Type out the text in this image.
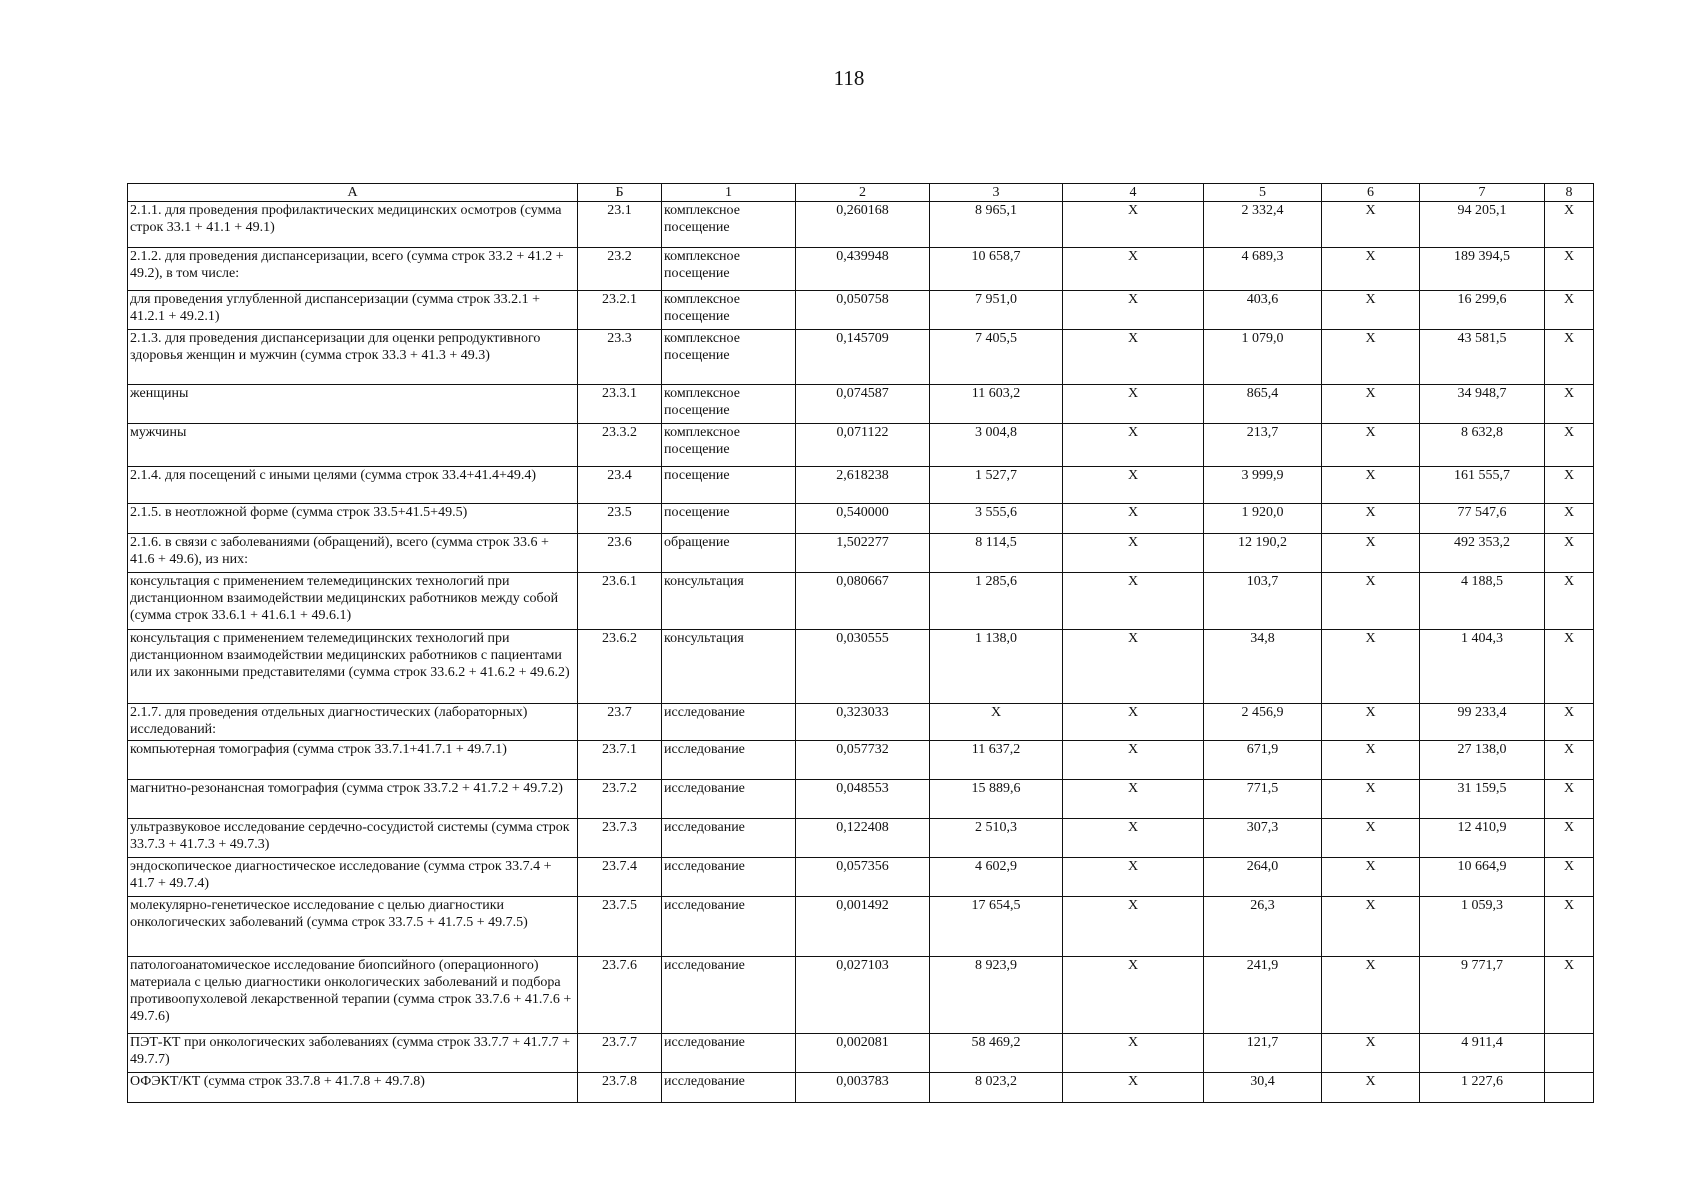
118
А	Б	1	2	3	4	5	6	7	8
2.1.1. для проведения профилактических медицинских осмотров (сумма строк 33.1 + 41.1 + 49.1)	23.1	комплексное посещение	0,260168	8 965,1	X	2 332,4	X	94 205,1	X
2.1.2. для проведения диспансеризации, всего (сумма строк 33.2 + 41.2 + 49.2), в том числе:	23.2	комплексное посещение	0,439948	10 658,7	X	4 689,3	X	189 394,5	X
для проведения углубленной диспансеризации (сумма строк 33.2.1 + 41.2.1 + 49.2.1)	23.2.1	комплексное посещение	0,050758	7 951,0	X	403,6	X	16 299,6	X
2.1.3. для проведения диспансеризации для оценки репродуктивного здоровья женщин и мужчин (сумма строк 33.3 + 41.3 + 49.3)	23.3	комплексное посещение	0,145709	7 405,5	X	1 079,0	X	43 581,5	X
женщины	23.3.1	комплексное посещение	0,074587	11 603,2	X	865,4	X	34 948,7	X
мужчины	23.3.2	комплексное посещение	0,071122	3 004,8	X	213,7	X	8 632,8	X
2.1.4. для посещений с иными целями (сумма строк 33.4+41.4+49.4)	23.4	посещение	2,618238	1 527,7	X	3 999,9	X	161 555,7	X
2.1.5. в неотложной форме (сумма строк 33.5+41.5+49.5)	23.5	посещение	0,540000	3 555,6	X	1 920,0	X	77 547,6	X
2.1.6. в связи с заболеваниями (обращений), всего (сумма строк 33.6 + 41.6 + 49.6), из них:	23.6	обращение	1,502277	8 114,5	X	12 190,2	X	492 353,2	X
консультация с применением телемедицинских технологий при дистанционном взаимодействии медицинских работников между собой (сумма строк 33.6.1 + 41.6.1 + 49.6.1)	23.6.1	консультация	0,080667	1 285,6	X	103,7	X	4 188,5	X
консультация с применением телемедицинских технологий при дистанционном взаимодействии медицинских работников с пациентами или их законными представителями (сумма строк 33.6.2 + 41.6.2 + 49.6.2)	23.6.2	консультация	0,030555	1 138,0	X	34,8	X	1 404,3	X
2.1.7. для проведения отдельных диагностических (лабораторных) исследований:	23.7	исследование	0,323033	X	X	2 456,9	X	99 233,4	X
компьютерная томография (сумма строк 33.7.1+41.7.1 + 49.7.1)	23.7.1	исследование	0,057732	11 637,2	X	671,9	X	27 138,0	X
магнитно-резонансная томография (сумма строк 33.7.2 + 41.7.2 + 49.7.2)	23.7.2	исследование	0,048553	15 889,6	X	771,5	X	31 159,5	X
ультразвуковое исследование сердечно-сосудистой системы (сумма строк 33.7.3 + 41.7.3 + 49.7.3)	23.7.3	исследование	0,122408	2 510,3	X	307,3	X	12 410,9	X
эндоскопическое диагностическое исследование (сумма строк 33.7.4 + 41.7 + 49.7.4)	23.7.4	исследование	0,057356	4 602,9	X	264,0	X	10 664,9	X
молекулярно-генетическое исследование с целью диагностики онкологических заболеваний (сумма строк 33.7.5 + 41.7.5 + 49.7.5)	23.7.5	исследование	0,001492	17 654,5	X	26,3	X	1 059,3	X
патологоанатомическое исследование биопсийного (операционного) материала с целью диагностики онкологических заболеваний и подбора противоопухолевой лекарственной терапии (сумма строк 33.7.6 + 41.7.6 + 49.7.6)	23.7.6	исследование	0,027103	8 923,9	X	241,9	X	9 771,7	X
ПЭТ-КТ при онкологических заболеваниях (сумма строк 33.7.7 + 41.7.7 + 49.7.7)	23.7.7	исследование	0,002081	58 469,2	X	121,7	X	4 911,4	
ОФЭКТ/КТ (сумма строк 33.7.8 + 41.7.8 + 49.7.8)	23.7.8	исследование	0,003783	8 023,2	X	30,4	X	1 227,6	
